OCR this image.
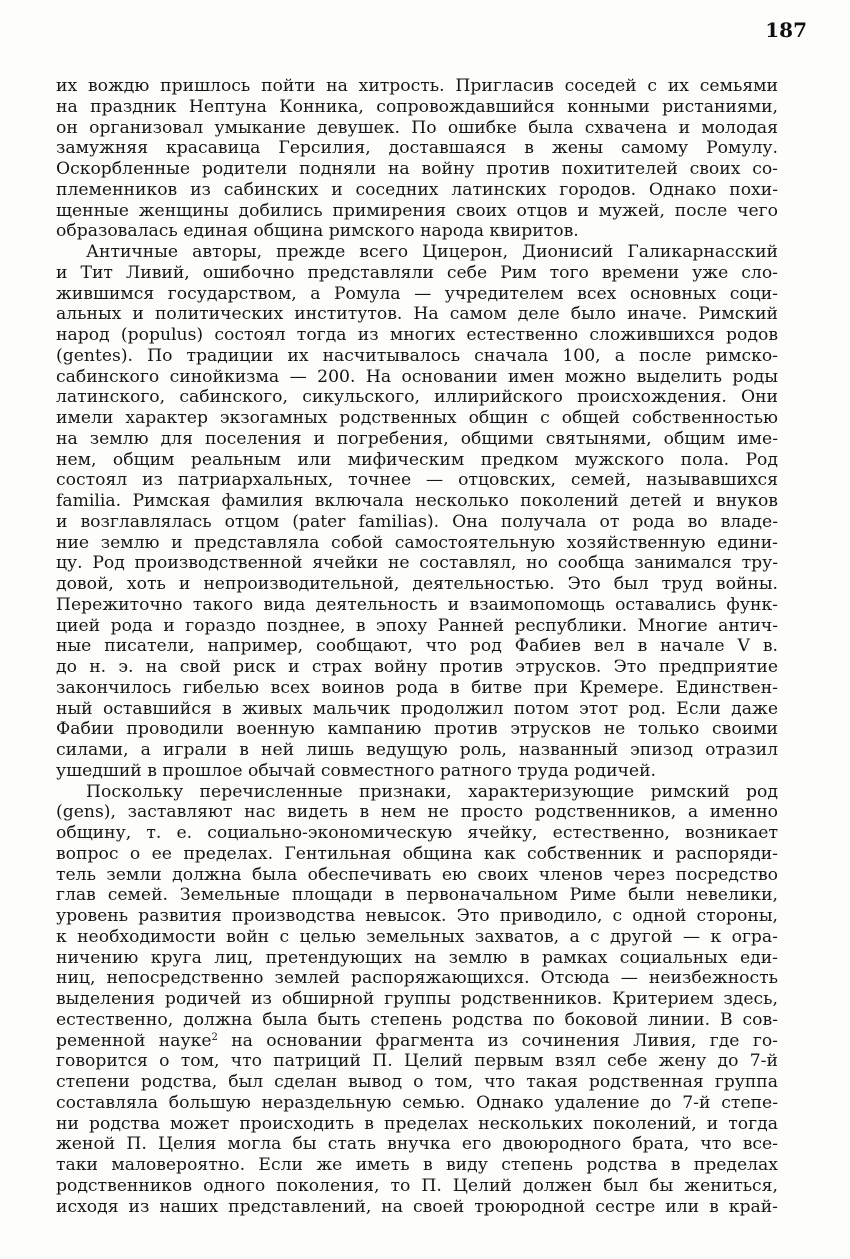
187

их вождю пришлось пойти на хитрость. Пригласив соседей с их семьями
на праздник Нептуна Конника, сопровождавшийся конными ристаниями,
он организовал умыкание девушек. По ошибке была схвачена и молодая
замужняя красавица Герсилия, доставшаяся в жены самому Ромулу.
Оскорбленные родители подняли на войну против похитителей своих со-
племенников из сабинских и соседних латинских городов. Однако похи-
щенные женщины добились примирения своих отцов и мужей, после чего
образовалась единая община римского народа квиритов.

Античные авторы, прежде всего Цицерон, Дионисий Галикарнасский
и Тит Ливий, ошибочно представляли себе Рим того времени уже сло-
жившимся государством, а Ромула — учредителем всех основных соци-
альных и политических институтов. На самом деле было иначе. Римский
народ (populus) состоял тогда из многих естественно сложившихся родов
(gentes). По традиции их насчитывалось сначала 100, а после римско-
сабинского синойкизма — 200. На основании имен можно выделить роды
латинского, сабинского, сикульского, иллирийского происхождения. Они
имели характер экзогамных родственных общин с общей собственностью
на землю для поселения и погребения, общими святынями, общим име-
нем, общим реальным или мифическим предком мужского пола. Род
состоял из патриархальных, точнее — отцовских, семей, называвшихся
familia. Римская фамилия включала несколько поколений детей и внуков
и возглавлялась отцом (pater familias). Она получала от рода во владе-
ние землю и представляла собой самостоятельную хозяйственную едини-
цу. Род производственной ячейки не составлял, но сообща занимался тру-
довой, хоть и непроизводительной, деятельностью. Это был труд войны.
Пережиточно такого вида деятельность и взаимопомощь оставались функ-
цией рода и гораздо позднее, в эпоху Ранней республики. Многие антич-
ные писатели, например, сообщают, что род Фабиев вел в начале V в.
до н. э. на свой риск и страх войну против этрусков. Это предприятие
закончилось гибелью всех воинов рода в битве при Кремере. Единствен-
ный оставшийся в живых мальчик продолжил потом этот род. Если даже
Фабии проводили военную кампанию против этрусков не только своими
силами, а играли в ней лишь ведущую роль, названный эпизод отразил
ушедший в прошлое обычай совместного ратного труда родичей.

Поскольку перечисленные признаки, характеризующие римский род
(gens), заставляют нас видеть в нем не просто родственников, а именно
общину, т. е. социально-экономическую ячейку, естественно, возникает
вопрос о ее пределах. Гентильная община как собственник и распоряди-
тель земли должна была обеспечивать ею своих членов через посредство
глав семей. Земельные площади в первоначальном Риме были невелики,
уровень развития производства невысок. Это приводило, с одной стороны,
к необходимости войн с целью земельных захватов, а с другой — к огра-
ничению круга лиц, претендующих на землю в рамках социальных еди-
ниц, непосредственно землей распоряжающихся. Отсюда — неизбежность
выделения родичей из обширной группы родственников. Критерием здесь,
естественно, должна была быть степень родства по боковой линии. В сов-
ременной науке$^2$ на основании фрагмента из сочинения Ливия, где го-
говорится о том, что патриций П. Целий первым взял себе жену до 7-й
степени родства, был сделан вывод о том, что такая родственная группа
составляла большую нераздельную семью. Однако удаление до 7-й степе-
ни родства может происходить в пределах нескольких поколений, и тогда
женой П. Целия могла бы стать внучка его двоюродного брата, что все-
таки маловероятно. Если же иметь в виду степень родства в пределах
родственников одного поколения, то П. Целий должен был бы жениться,
исходя из наших представлений, на своей троюродной сестре или в край-
